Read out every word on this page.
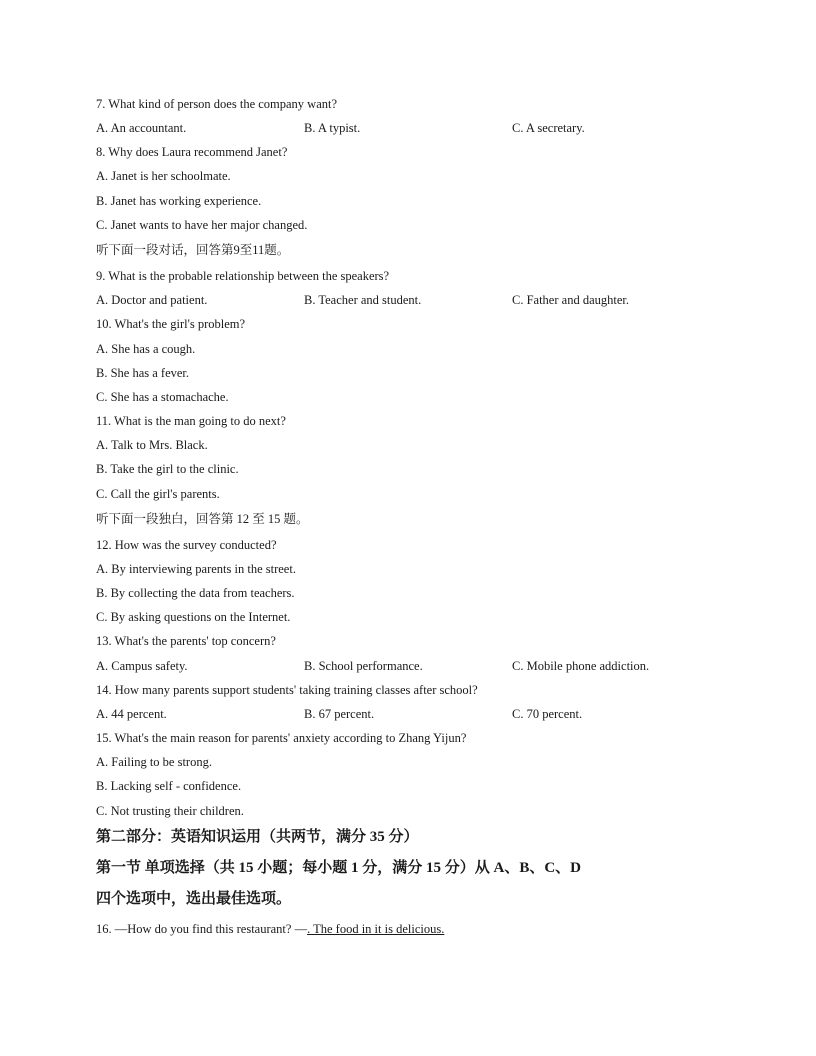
7. What kind of person does the company want?
A. An accountant.	B. A typist.	C. A secretary.
8. Why does Laura recommend Janet?
A. Janet is her schoolmate.
B. Janet has working experience.
C. Janet wants to have her major changed.
听下面一段对话，回答第9至11题。
9. What is the probable relationship between the speakers?
A. Doctor and patient.	B. Teacher and student.	C. Father and daughter.
10. What's the girl's problem?
A. She has a cough.
B. She has a fever.
C. She has a stomachache.
11. What is the man going to do next?
A. Talk to Mrs. Black.
B. Take the girl to the clinic.
C. Call the girl's parents.
听下面一段独白，回答第 12 至 15 题。
12. How was the survey conducted?
A. By interviewing parents in the street.
B. By collecting the data from teachers.
C. By asking questions on the Internet.
13. What's the parents' top concern?
A. Campus safety.	B. School performance.	C. Mobile phone addiction.
14. How many parents support students' taking training classes after school?
A. 44 percent.	B. 67 percent.	C. 70 percent.
15. What's the main reason for parents' anxiety according to Zhang Yijun?
A. Failing to be strong.
B. Lacking self - confidence.
C. Not trusting their children.
第二部分：英语知识运用（共两节，满分 35 分）
第一节 单项选择（共 15 小题；每小题 1 分，满分 15 分）从 A、B、C、D
四个选项中，选出最佳选项。
16. —How do you find this restaurant? —. The food in it is delicious.
